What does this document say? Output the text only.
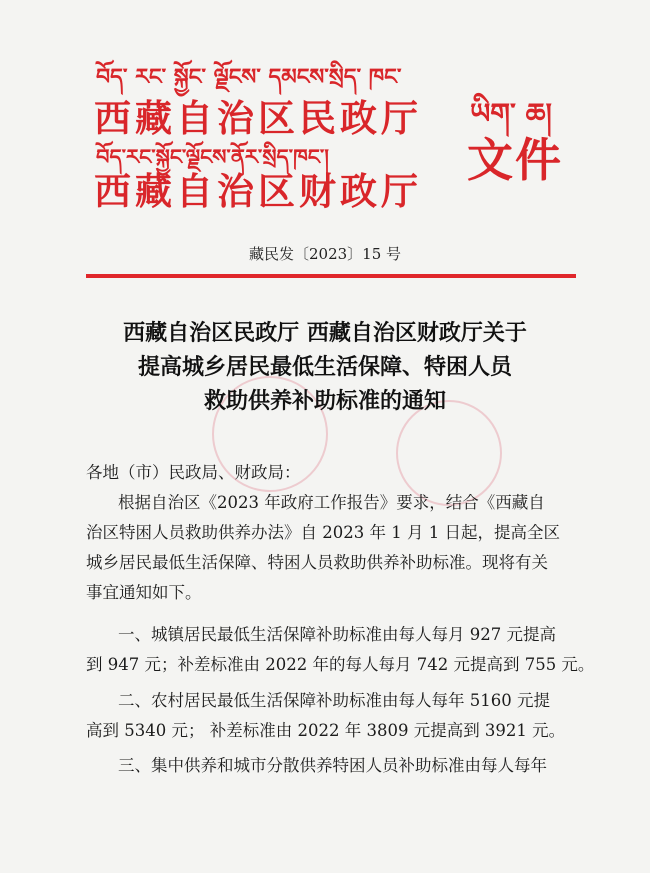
བོད་ རང་ སྐྱོང་ ལྗོངས་ དམངས་སྲིད་ ཁང་
西藏自治区民政厅
བོད་རང་སྐྱོང་ལྗོངས་ནོར་སྲིད་ཁང་།
西藏自治区财政厅
ཡིག་ ཆ།
文件
藏民发〔2023〕15 号
西藏自治区民政厅 西藏自治区财政厅关于
提高城乡居民最低生活保障、特困人员
救助供养补助标准的通知
各地（市）民政局、财政局：
根据自治区《2023 年政府工作报告》要求，结合《西藏自
治区特困人员救助供养办法》自 2023 年 1 月 1 日起，提高全区
城乡居民最低生活保障、特困人员救助供养补助标准。现将有关
事宜通知如下。
一、城镇居民最低生活保障补助标准由每人每月 927 元提高
到 947 元；补差标准由 2022 年的每人每月 742 元提高到 755 元。
二、农村居民最低生活保障补助标准由每人每年 5160 元提
高到 5340 元； 补差标准由 2022 年 3809 元提高到 3921 元。
三、集中供养和城市分散供养特困人员补助标准由每人每年
